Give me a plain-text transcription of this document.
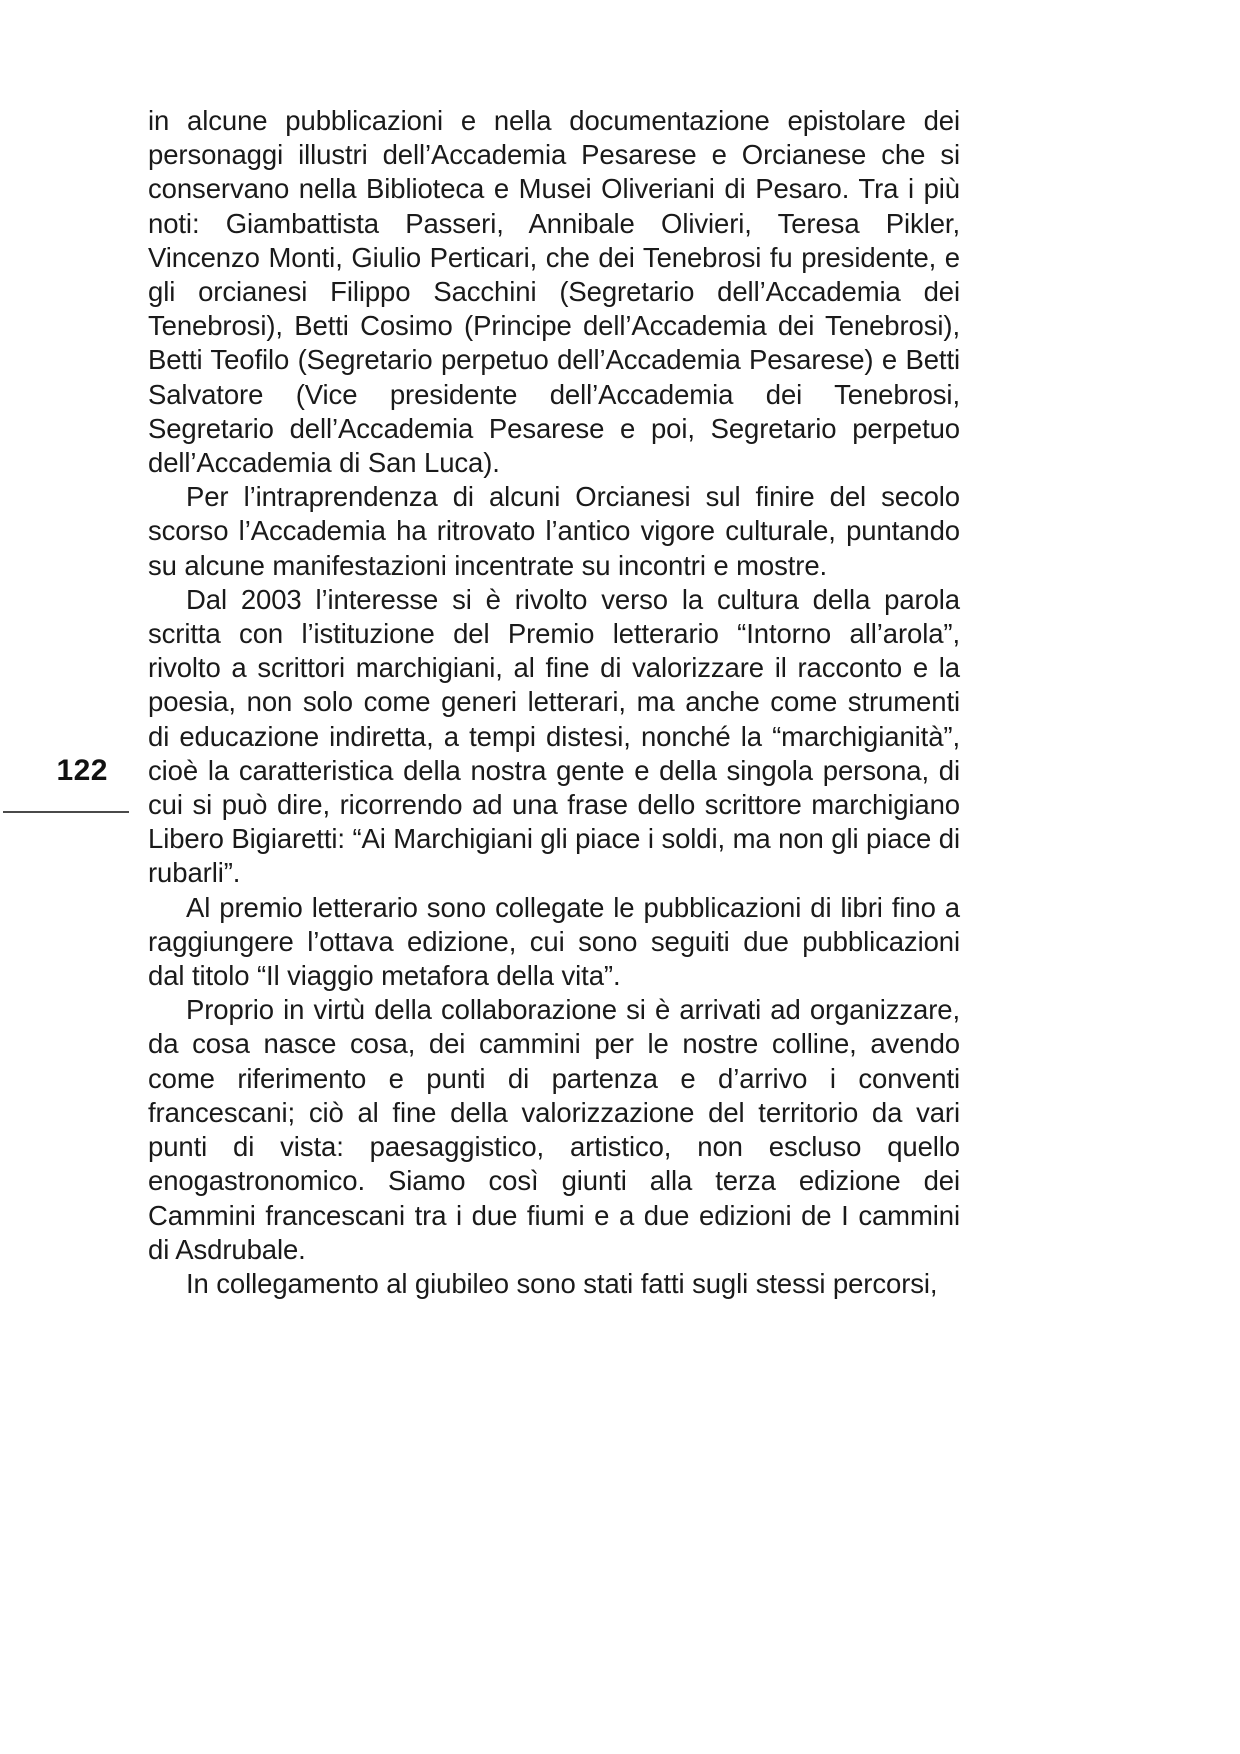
122

in alcune pubblicazioni e nella documentazione epistolare dei personaggi illustri dell’Accademia Pesarese e Orcianese che si conservano nella Biblioteca e Musei Oliveriani di Pesaro. Tra i più noti: Giambattista Passeri, Annibale Olivieri, Teresa Pikler, Vincenzo Monti, Giulio Perticari, che dei Tenebrosi fu presidente, e gli orcianesi Filippo Sacchini (Segretario dell’Accademia dei Tenebrosi), Betti Cosimo (Principe dell’Accademia dei Tenebrosi), Betti Teofilo (Segretario perpetuo dell’Accademia Pesarese) e Betti Salvatore (Vice presidente dell’Accademia dei Tenebrosi, Segretario dell’Accademia Pesarese e poi, Segretario perpetuo dell’Accademia di San Luca).

Per l’intraprendenza di alcuni Orcianesi sul finire del secolo scorso l’Accademia ha ritrovato l’antico vigore culturale, puntando su alcune manifestazioni incentrate su incontri e mostre.

Dal 2003 l’interesse si è rivolto verso la cultura della parola scritta con l’istituzione del Premio letterario “Intorno all’arola”, rivolto a scrittori marchigiani, al fine di valorizzare il racconto e la poesia, non solo come generi letterari, ma anche come strumenti di educazione indiretta, a tempi distesi, nonché la “marchigianità”, cioè la caratteristica della nostra gente e della singola persona, di cui si può dire, ricorrendo ad una frase dello scrittore marchigiano Libero Bigiaretti: “Ai Marchigiani gli piace i soldi, ma non gli piace di rubarli”.

Al premio letterario sono collegate le pubblicazioni di libri fino a raggiungere l’ottava edizione, cui sono seguiti due pubblicazioni dal titolo “Il viaggio metafora della vita”.

Proprio in virtù della collaborazione si è arrivati ad organizzare, da cosa nasce cosa, dei cammini per le nostre colline, avendo come riferimento e punti di partenza e d’arrivo i conventi francescani; ciò al fine della valorizzazione del territorio da vari punti di vista: paesaggistico, artistico, non escluso quello enogastronomico. Siamo così giunti alla terza edizione dei Cammini francescani tra i due fiumi e a due edizioni de I cammini di Asdrubale.

In collegamento al giubileo sono stati fatti sugli stessi percorsi,
